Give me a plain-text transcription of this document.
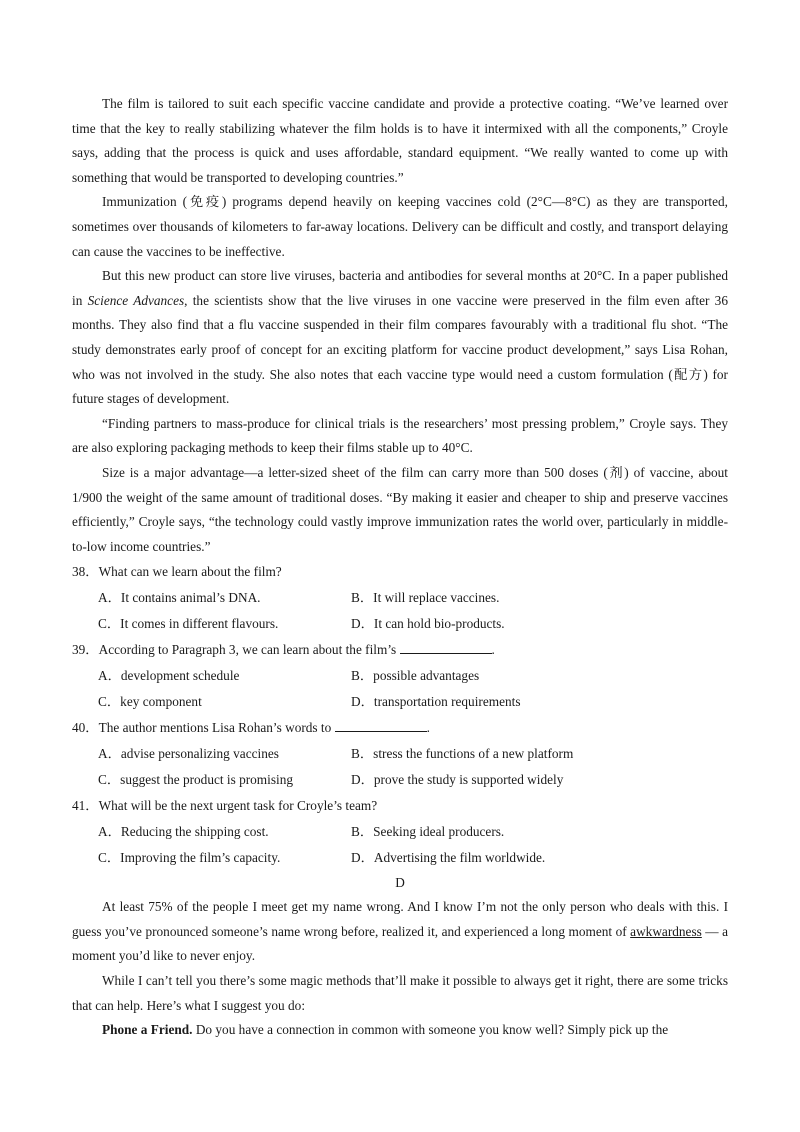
The film is tailored to suit each specific vaccine candidate and provide a protective coating. “We’ve learned over time that the key to really stabilizing whatever the film holds is to have it intermixed with all the components,” Croyle says, adding that the process is quick and uses affordable, standard equipment. “We really wanted to come up with something that would be transported to developing countries.”

Immunization (免疫) programs depend heavily on keeping vaccines cold (2°C—8°C) as they are transported, sometimes over thousands of kilometers to far-away locations. Delivery can be difficult and costly, and transport delaying can cause the vaccines to be ineffective.

But this new product can store live viruses, bacteria and antibodies for several months at 20°C. In a paper published in Science Advances, the scientists show that the live viruses in one vaccine were preserved in the film even after 36 months. They also find that a flu vaccine suspended in their film compares favourably with a traditional flu shot. “The study demonstrates early proof of concept for an exciting platform for vaccine product development,” says Lisa Rohan, who was not involved in the study. She also notes that each vaccine type would need a custom formulation (配方) for future stages of development.

“Finding partners to mass-produce for clinical trials is the researchers’ most pressing problem,” Croyle says. They are also exploring packaging methods to keep their films stable up to 40°C.

Size is a major advantage—a letter-sized sheet of the film can carry more than 500 doses (剂) of vaccine, about 1/900 the weight of the same amount of traditional doses. “By making it easier and cheaper to ship and preserve vaccines efficiently,” Croyle says, “the technology could vastly improve immunization rates the world over, particularly in middle-to-low income countries.”

38．What can we learn about the film?

A．It contains animal’s DNA.	B．It will replace vaccines.
C．It comes in different flavours.	D．It can hold bio-products.

39．According to Paragraph 3, we can learn about the film’s	.

A．development schedule	B．possible advantages
C．key component	D．transportation requirements

40．The author mentions Lisa Rohan’s words to	.

A．advise personalizing vaccines	B．stress the functions of a new platform
C．suggest the product is promising	D．prove the study is supported widely

41．What will be the next urgent task for Croyle’s team?

A．Reducing the shipping cost.	B．Seeking ideal producers.
C．Improving the film’s capacity.	D．Advertising the film worldwide.

D

At least 75% of the people I meet get my name wrong. And I know I’m not the only person who deals with this. I guess you’ve pronounced someone’s name wrong before, realized it, and experienced a long moment of awkwardness — a moment you’d like to never enjoy.

While I can’t tell you there’s some magic methods that’ll make it possible to always get it right, there are some tricks that can help. Here’s what I suggest you do:

Phone a Friend. Do you have a connection in common with someone you know well? Simply pick up the
